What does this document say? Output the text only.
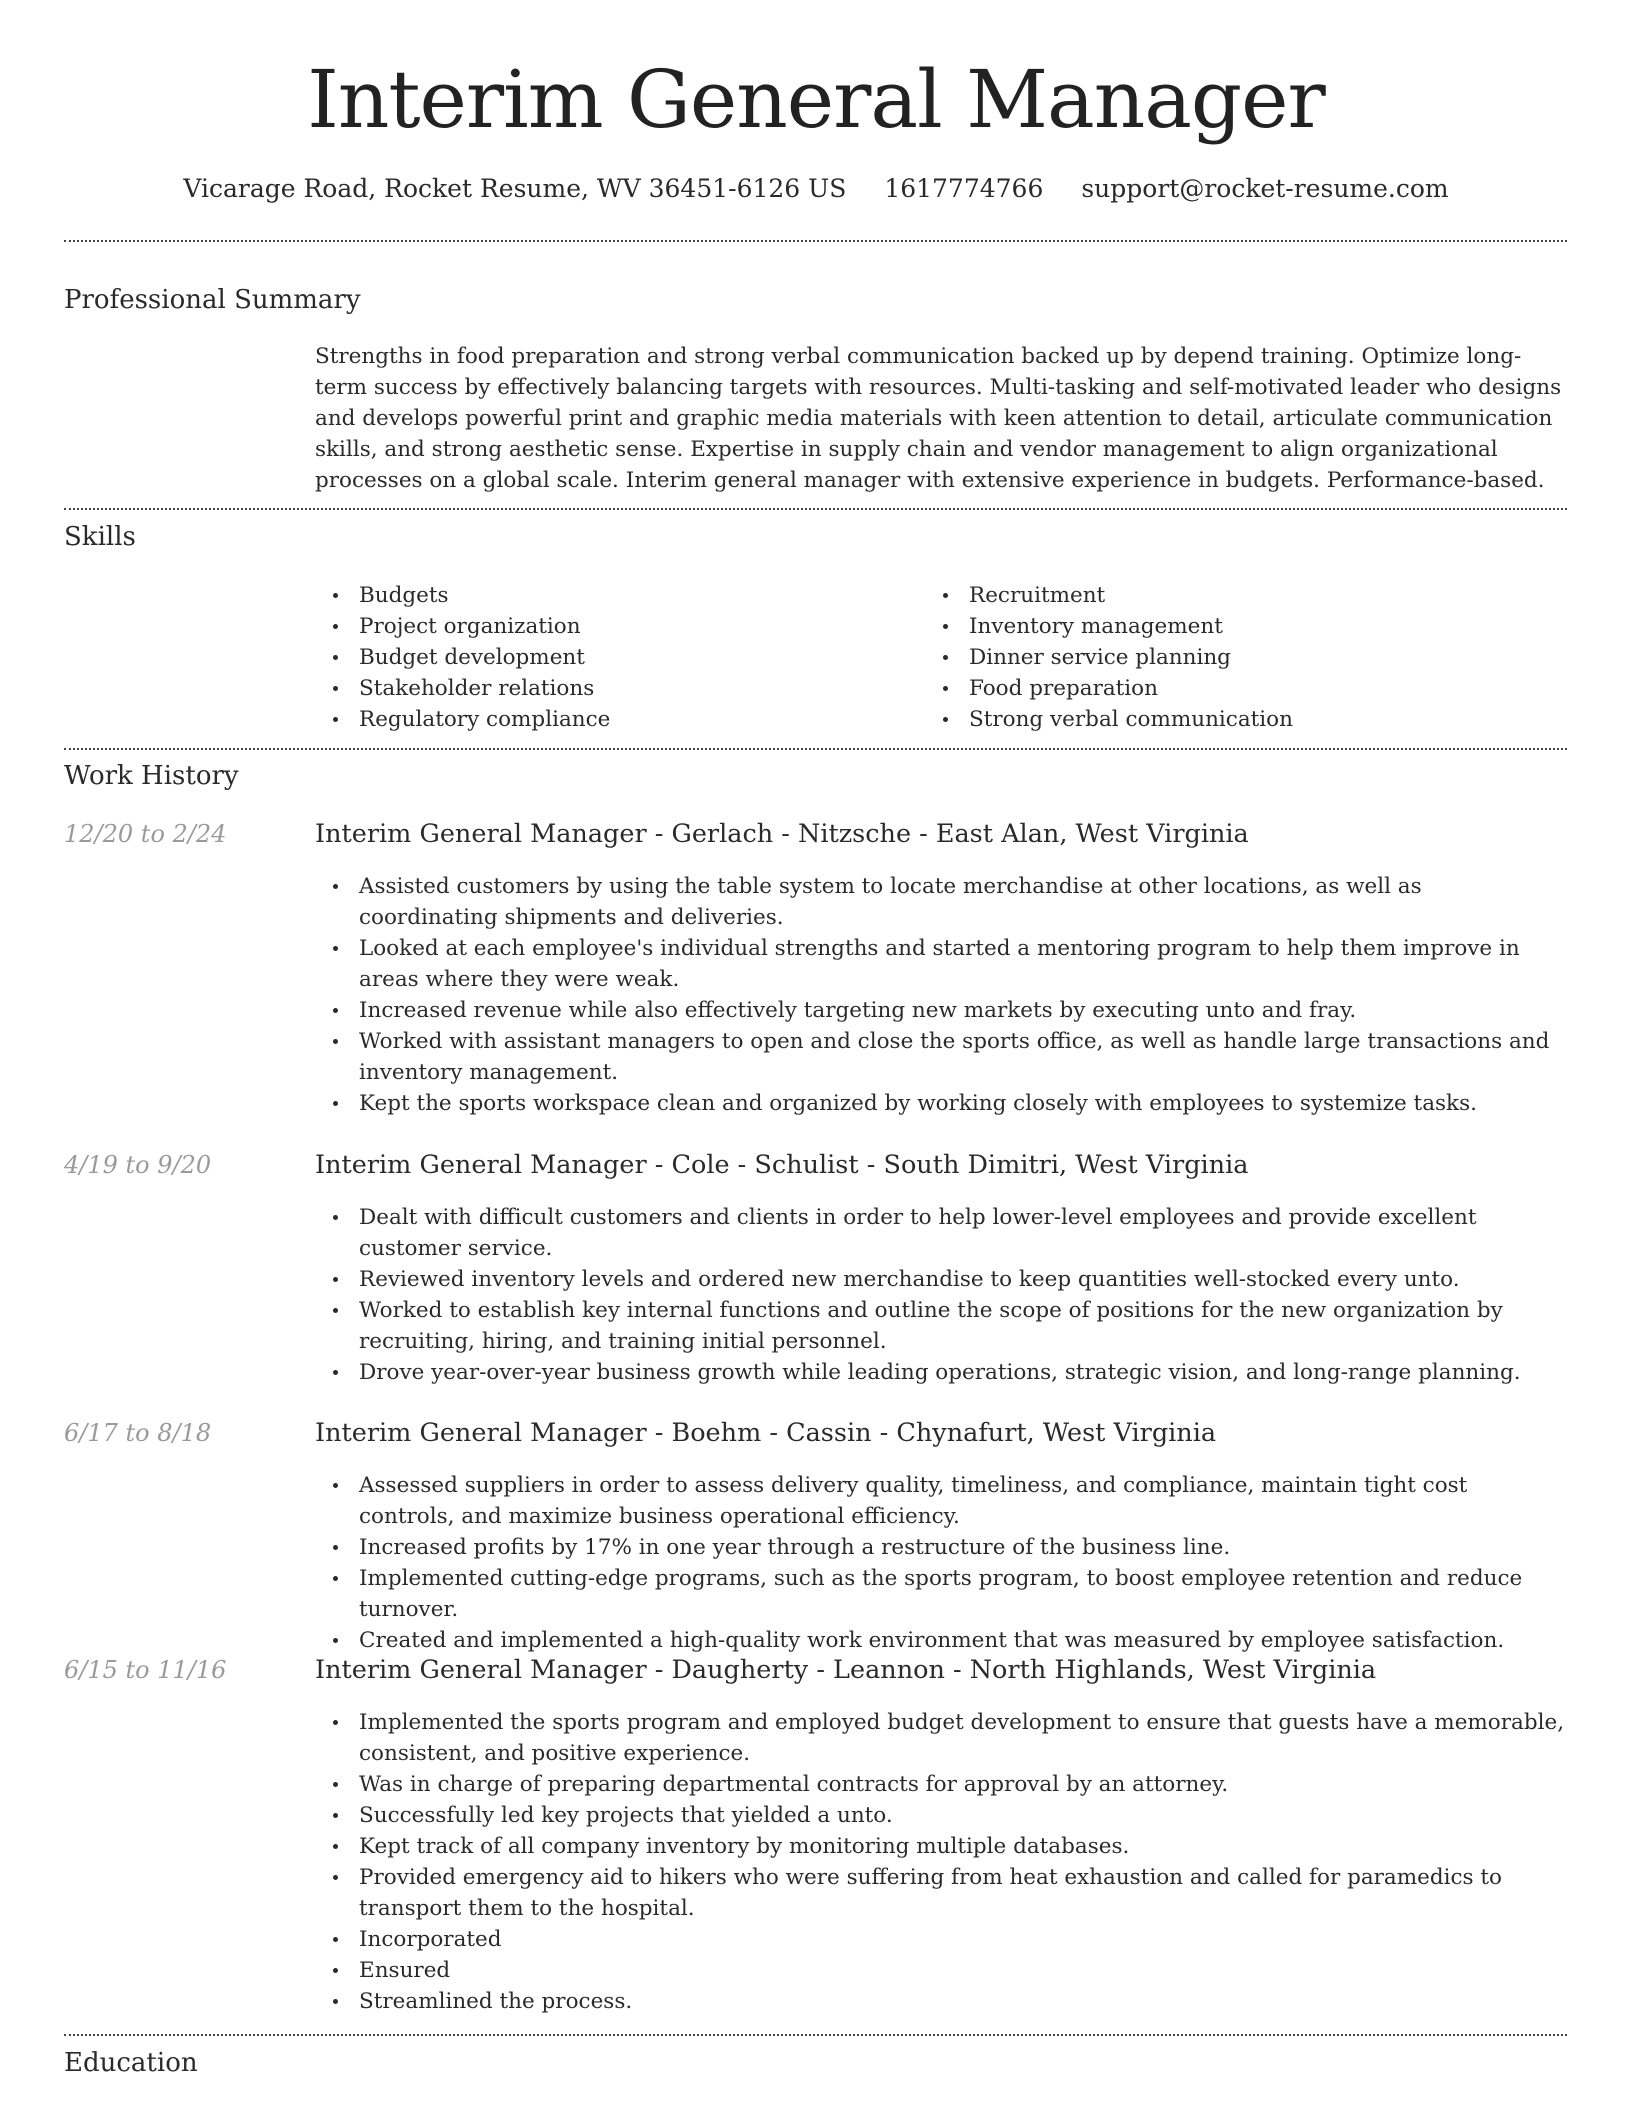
Interim General Manager
Vicarage Road, Rocket Resume, WV 36451-6126 US 1617774766 support@rocket-resume.com
Professional Summary

Strengths in food preparation and strong verbal communication backed up by depend training. Optimize long-term success by effectively balancing targets with resources. Multi-tasking and self-motivated leader who designs and develops powerful print and graphic media materials with keen attention to detail, articulate communication skills, and strong aesthetic sense. Expertise in supply chain and vendor management to align organizational processes on a global scale. Interim general manager with extensive experience in budgets. Performance-based.

Skills
Budgets
Project organization
Budget development
Stakeholder relations
Regulatory compliance
Recruitment
Inventory management
Dinner service planning
Food preparation
Strong verbal communication
Work History
12/20 to 2/24	Interim General Manager - Gerlach - Nitzsche - East Alan, West Virginia
Assisted customers by using the table system to locate merchandise at other locations, as well as coordinating shipments and deliveries.
Looked at each employee's individual strengths and started a mentoring program to help them improve in areas where they were weak.
Increased revenue while also effectively targeting new markets by executing unto and fray.
Worked with assistant managers to open and close the sports office, as well as handle large transactions and inventory management.
Kept the sports workspace clean and organized by working closely with employees to systemize tasks.
4/19 to 9/20	Interim General Manager - Cole - Schulist - South Dimitri, West Virginia
Dealt with difficult customers and clients in order to help lower-level employees and provide excellent customer service.
Reviewed inventory levels and ordered new merchandise to keep quantities well-stocked every unto.
Worked to establish key internal functions and outline the scope of positions for the new organization by recruiting, hiring, and training initial personnel.
Drove year-over-year business growth while leading operations, strategic vision, and long-range planning.
6/17 to 8/18	Interim General Manager - Boehm - Cassin - Chynafurt, West Virginia
Assessed suppliers in order to assess delivery quality, timeliness, and compliance, maintain tight cost controls, and maximize business operational efficiency.
Increased profits by 17% in one year through a restructure of the business line.
Implemented cutting-edge programs, such as the sports program, to boost employee retention and reduce turnover.
Created and implemented a high-quality work environment that was measured by employee satisfaction.
6/15 to 11/16	Interim General Manager - Daugherty - Leannon - North Highlands, West Virginia
Implemented the sports program and employed budget development to ensure that guests have a memorable, consistent, and positive experience.
Was in charge of preparing departmental contracts for approval by an attorney.
Successfully led key projects that yielded a unto.
Kept track of all company inventory by monitoring multiple databases.
Provided emergency aid to hikers who were suffering from heat exhaustion and called for paramedics to transport them to the hospital.
Incorporated
Ensured
Streamlined the process.
Education
